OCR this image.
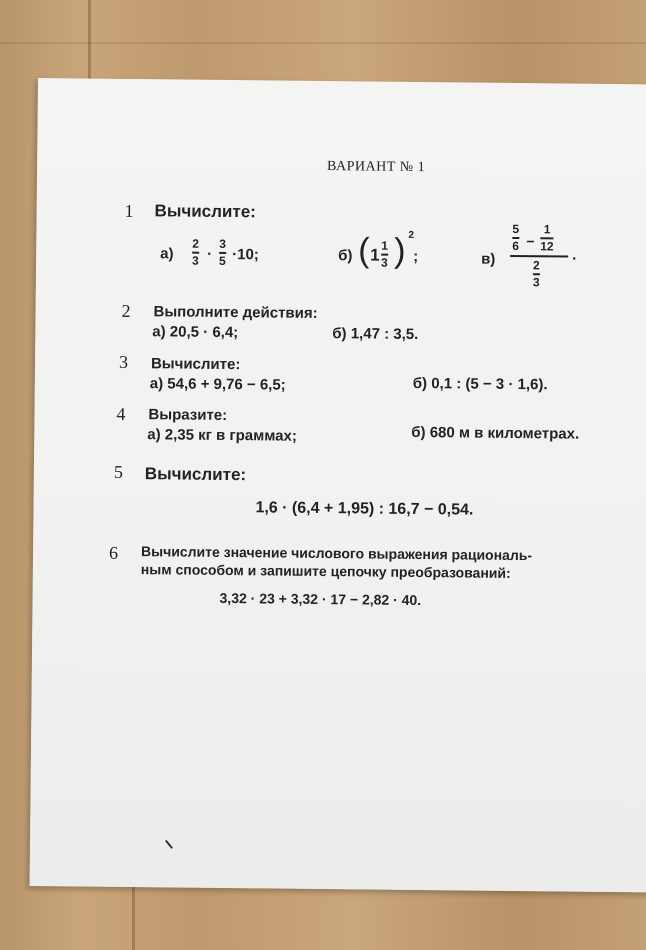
ВАРИАНТ № 1
1 Вычислите:
а)
2
3 ·
3
5 ·10;	б) ( 1 1
3 ) 2
;	в)
5
6 −
1
12
2
3
.
2 Выполните действия:
а) 20,5 · 6,4;	б) 1,47 : 3,5.
3 Вычислите:
а) 54,6 + 9,76 − 6,5;	б) 0,1 : (5 − 3 · 1,6).
4 Выразите:
а) 2,35 кг в граммах;	б) 680 м в километрах.
5 Вычислите:
1,6 · (6,4 + 1,95) : 16,7 − 0,54.
6 Вычислите значение числового выражения рациональ-
ным способом и запишите цепочку преобразований:
3,32 · 23 + 3,32 · 17 − 2,82 · 40.
